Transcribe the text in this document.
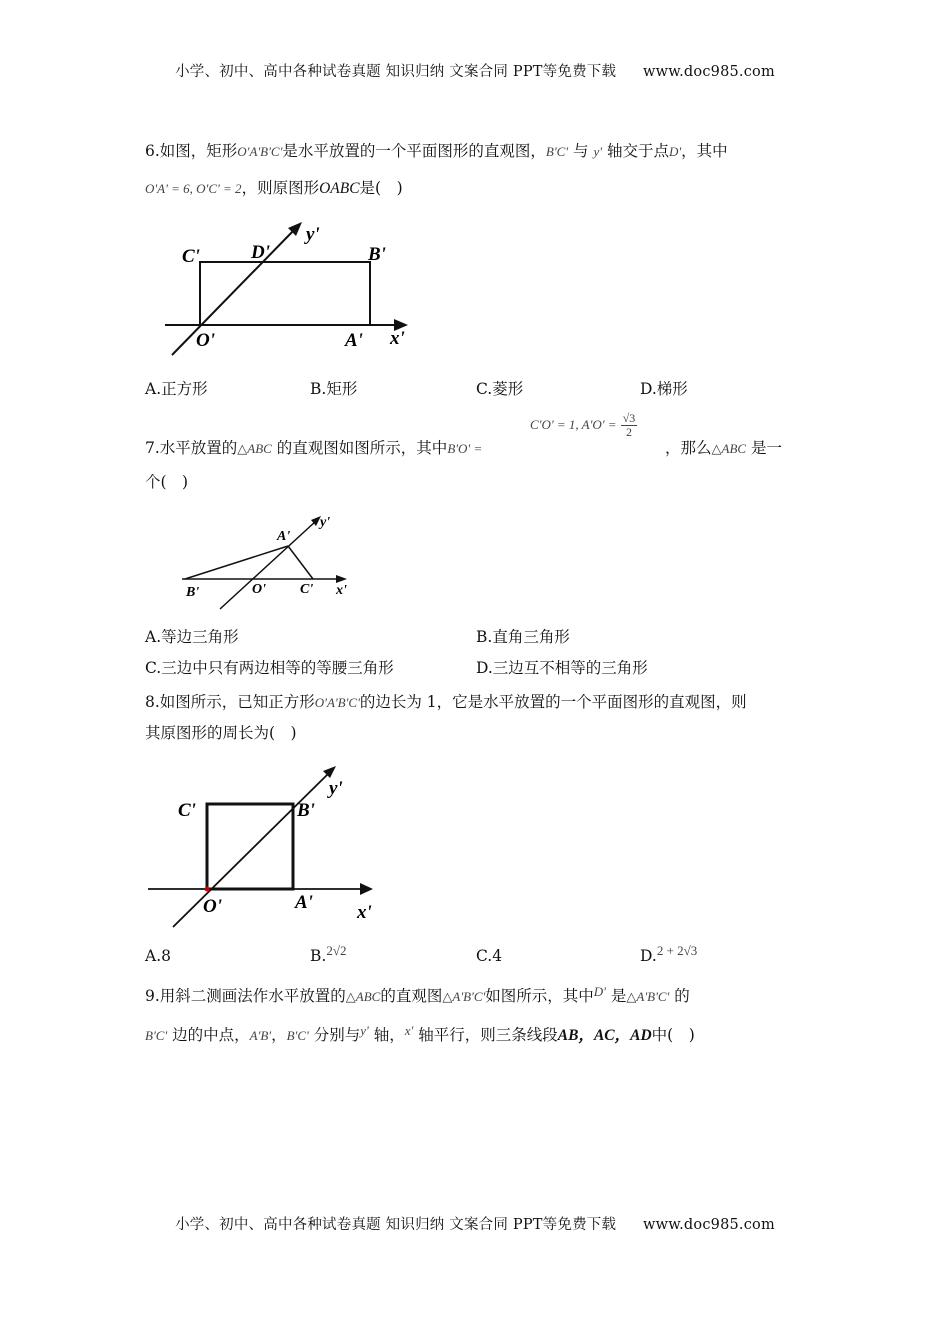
小学、初中、高中各种试卷真题 知识归纳 文案合同 PPT等免费下载 www.doc985.com
6.如图，矩形O'A'B'C'是水平放置的一个平面图形的直观图，B'C' 与 y' 轴交于点D'，其中
O'A' = 6, O'C' = 2，则原图形OABC是(　)
C'	D'
y'
B'
O'	A' x'
A.正方形	B.矩形	C.菱形	D.梯形
7.水平放置的△ABC 的直观图如图所示，其中B'O' =
C'O' = 1, $A'O' = \frac{√3}{2}$
，那么△ABC 是一
个(　)
A'
y'
B'	O' C' x'
A.等边三角形	B.直角三角形
C.三边中只有两边相等的等腰三角形	D.三边互不相等的三角形
8.如图所示，已知正方形O'A'B'C'的边长为 1，它是水平放置的一个平面图形的直观图，则
其原图形的周长为(　)
y'
C'	B'
O'	A' x'
A.8	B.$^{2√2}$	C.4	D.$^{2 + 2√3}$
9.用斜二测画法作水平放置的△ABC的直观图△A'B'C'如图所示，其中$^{D'}$ 是△A'B'C' 的
B'C' 边的中点，A'B'，B'C' 分别与$^{y'}$ 轴，$^{x'}$ 轴平行，则三条线段AB，AC，AD中(　)
小学、初中、高中各种试卷真题 知识归纳 文案合同 PPT等免费下载 www.doc985.com
